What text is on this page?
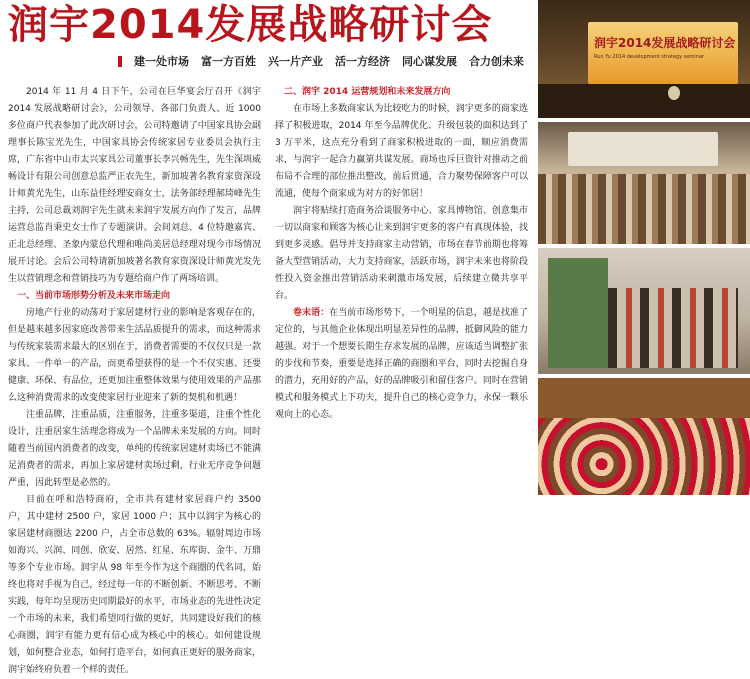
润宇2014发展战略研讨会
建一处市场 富一方百姓 兴一片产业 活一方经济 同心谋发展 合力创未来

2014 年 11 月 4 日下午，公司在巨华宴会厅召开《润宇 2014 发展战略研讨会》，公司领导、各部门负责人、近 1000 多位商户代表参加了此次研讨会，公司特邀请了中国家具协会副理事长陈宝光先生，中国家具协会传统家居专业委员会执行主席，广东省中山市太兴家具公司董事长李兴畅先生，先生深圳威畅设计有限公司创意总监严正农先生，新加坡著名教育家资深设计师黄光先生，山东益佳经理安商女士，法务部经理郝琦峰先生主持，公司总裁刘润宇先生就未来润宇发展方向作了发言，品牌运营总监肖秉史女士作了专题演讲。会间刘总、4 位特邀嘉宾、正北总经理、圣象内蒙总代理和唯尚美居总经理对现今市场情况展开讨论。会后公司特请新加坡著名教育家资深设计师黄光发先生以营销理念和营销技巧为专题给商户作了两场培训。

一、当前市场形势分析及未来市场走向

房地产行业的动荡对于家居建材行业的影响是客观存在的，但是越来越多因家庭改善带来生活品质提升的需求，而这种需求与传统家装需求最大的区别在于，消费者需要的不仅仅只是一款家具、一件单一的产品，而更希望获得的是一个不仅实惠、还要健康、环保、有品位，还更加注重整体效果与使用效果的产品那么这种消费需求的改变使家居行业迎来了新的契机和机遇！

注重品牌，注重品质，注重服务，注重多渠道，注重个性化设计，注重居家生活理念将成为一个品牌未来发展的方向。同时随着当前国内消费者的改变，单纯的传统家居建材卖场已不能满足消费者的需求，再加上家居建材卖场过剩，行业无序竞争问题严重，因此转型是必然的。

目前在呼和浩特商府，全市共有建材家居商户约 3500 户，其中建材 2500 户，家居 1000 户；其中以润宇为核心的家居建材商圈达 2200 户，占全市总数的 63%。辐射周边市场如海兴、兴润、同创、欣安、居然、红星、东库街、金牛、万鼎等多个专业市场。润宇从 98 年至今作为这个商圈的代名词，始终也将对手视为自己，经过每一年的不断创新、不断思考、不断实践，每年均呈现历史同期最好的水平，市场业态的先进性决定一个市场的未来，我们希望同行做的更好，共同建设好我们的核心商圈，润宇有能力更有信心成为核心中的核心。如何建设规划，如何整合业态，如何打造平台，如何真正更好的服务商家，润宇始终府负着一个样的责任。

二、润宇 2014 运营规划和未来发展方向

在市场上多数商家认为比较吃力的时候，润宇更多的商家选择了积极进取，2014 年至今品牌优化、升级包装的面积达到了 3 万平米，这点充分看到了商家积极进取的一面，顺应消费需求，与润宇一起合力赢第共谋发展。商场也斥巨资针对推动之前布局不合理的部位推出整改，前后贯通，合力聚势保障客户可以流通，使每个商家成为对方的好邻居！

润宇将贴续打造商务洽谈服务中心、家具博物馆、创意集市一切以商家和顾客为核心让来到润宇更多的客户有真现体验，找到更多灵感。倡导并支持商家主动营销，市场在春节前期也将筹备大型营销活动，大力支持商家，活跃市场，润宇未来也将阶段性投入资金推出营销活动来刺激市场发展，后续建立微共享平台。

卷末语：在当前市场形势下，一个明星的信息，越是找准了定位的，与其他企业体现出明显差异性的品牌，抵御风险的能力越强。对于一个想要长期生存求发展的品牌，应该适当调整扩张的步伐和节奏，重要是选择正确的商圈和平台，同时去挖掘自身的潜力，充用好的产品，好的品牌吸引和留住客户。同时在营销模式和服务模式上下功夫，提升自己的核心竞争力，永保一颗乐观向上的心态。

润宇2014发展战略研讨会
Run Yu 2014 development strategy seminar
